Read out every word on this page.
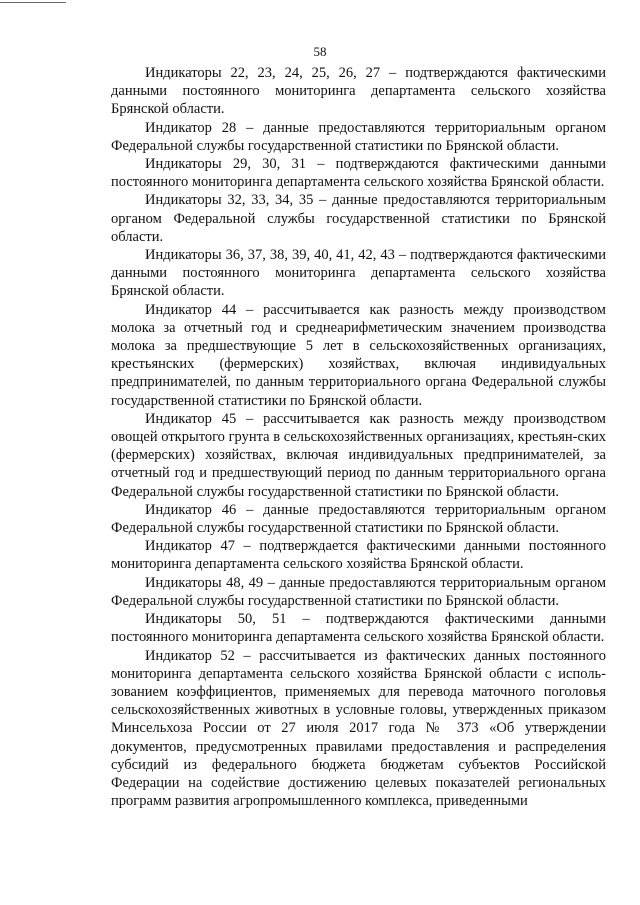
58

Индикаторы 22, 23, 24, 25, 26, 27 – подтверждаются фактическими данными постоянного мониторинга департамента сельского хозяйства Брянской области.

Индикатор 28 – данные предоставляются территориальным органом Федеральной службы государственной статистики по Брянской области.

Индикаторы 29, 30, 31 – подтверждаются фактическими данными постоянного мониторинга департамента сельского хозяйства Брянской области.

Индикаторы 32, 33, 34, 35 – данные предоставляются территориальным органом Федеральной службы государственной статистики по Брянской области.

Индикаторы 36, 37, 38, 39, 40, 41, 42, 43 – подтверждаются фактическими данными постоянного мониторинга департамента сельского хозяйства Брянской области.

Индикатор 44 – рассчитывается как разность между производством молока за отчетный год и среднеарифметическим значением производства молока за предшествующие 5 лет в сельскохозяйственных организациях, крестьянских (фермерских) хозяйствах, включая индивидуальных предпринимателей, по данным территориального органа Федеральной службы государственной статистики по Брянской области.

Индикатор 45 – рассчитывается как разность между производством овощей открытого грунта в сельскохозяйственных организациях, крестьян-ских (фермерских) хозяйствах, включая индивидуальных предпринимателей, за отчетный год и предшествующий период по данным территориального органа Федеральной службы государственной статистики по Брянской области.

Индикатор 46 – данные предоставляются территориальным органом Федеральной службы государственной статистики по Брянской области.

Индикатор 47 – подтверждается фактическими данными постоянного мониторинга департамента сельского хозяйства Брянской области.

Индикаторы 48, 49 – данные предоставляются территориальным органом Федеральной службы государственной статистики по Брянской области.

Индикаторы 50, 51 – подтверждаются фактическими данными постоянного мониторинга департамента сельского хозяйства Брянской области.

Индикатор 52 – рассчитывается из фактических данных постоянного мониторинга департамента сельского хозяйства Брянской области с исполь-зованием коэффициентов, применяемых для перевода маточного поголовья сельскохозяйственных животных в условные головы, утвержденных приказом Минсельхоза России от 27 июля 2017 года № 373 «Об утверждении документов, предусмотренных правилами предоставления и распределения субсидий из федерального бюджета бюджетам субъектов Российской Федерации на содействие достижению целевых показателей региональных программ развития агропромышленного комплекса, приведенными
